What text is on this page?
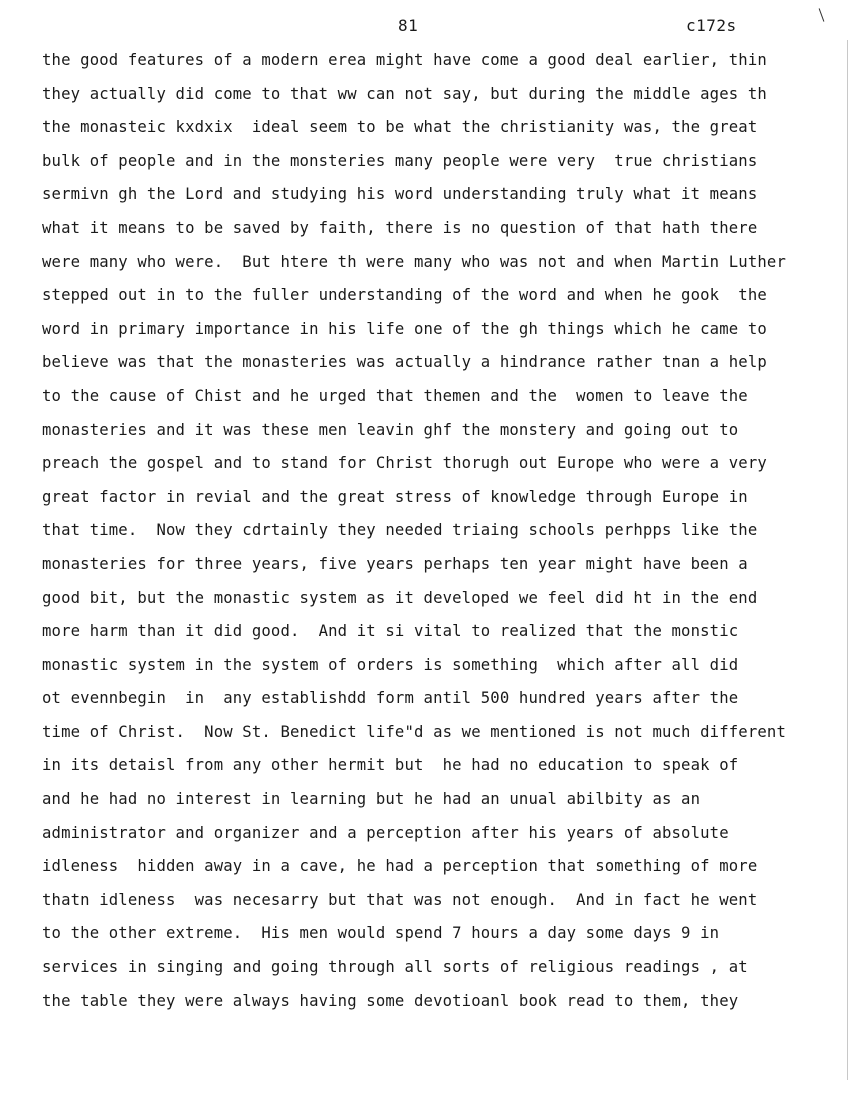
81	c172s
the good features of a modern erea might have come a good deal earlier, thin
they actually did come to that ww can not say, but during the middle ages th
the monasteic kxdxix  ideal seem to be what the christianity was, the great
bulk of people and in the monsteries many people were very  true christians
sermivn gh the Lord and studying his word understanding truly what it means
what it means to be saved by faith, there is no question of that hath there
were many who were.  But htere th were many who was not and when Martin Luther
stepped out in to the fuller understanding of the word and when he gook  the
word in primary importance in his life one of the gh things which he came to
believe was that the monasteries was actually a hindrance rather tnan a help
to the cause of Chist and he urged that themen and the  women to leave the
monasteries and it was these men leavin ghf the monstery and going out to
preach the gospel and to stand for Christ thorugh out Europe who were a very
great factor in revial and the great stress of knowledge through Europe in
that time.  Now they cdrtainly they needed triaing schools perhpps like the
monasteries for three years, five years perhaps ten year might have been a
good bit, but the monastic system as it developed we feel did ht in the end
more harm than it did good.  And it si vital to realized that the monstic
monastic system in the system of orders is something  which after all did
ot evennbegin  in  any establishdd form antil 500 hundred years after the
time of Christ.  Now St. Benedict life"d as we mentioned is not much different
in its detaisl from any other hermit but  he had no education to speak of
and he had no interest in learning but he had an unual abilbity as an
administrator and organizer and a perception after his years of absolute
idleness  hidden away in a cave, he had a perception that something of more
thatn idleness  was necesarry but that was not enough.  And in fact he went
to the other extreme.  His men would spend 7 hours a day some days 9 in
services in singing and going through all sorts of religious readings , at
the table they were always having some devotioanl book read to them, they
